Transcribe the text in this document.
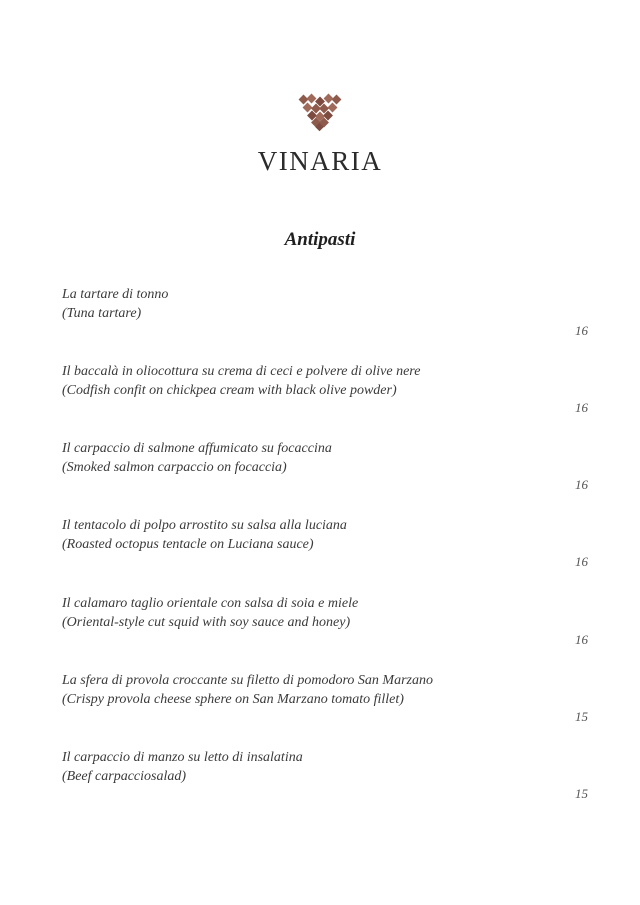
VINARIA
Antipasti
La tartare di tonno
(Tuna tartare)
16
Il baccalà in oliocottura su crema di ceci e polvere di olive nere
(Codfish confit on chickpea cream with black olive powder)
16
Il carpaccio di salmone affumicato su focaccina
(Smoked salmon carpaccio on focaccia)
16
Il tentacolo di polpo arrostito su salsa alla luciana
(Roasted octopus tentacle on Luciana sauce)
16
Il calamaro taglio orientale con salsa di soia e miele
(Oriental-style cut squid with soy sauce and honey)
16
La sfera di provola croccante su filetto di pomodoro San Marzano
(Crispy provola cheese sphere on San Marzano tomato fillet)
15
Il carpaccio di manzo su letto di insalatina
(Beef carpacciosalad)
15
